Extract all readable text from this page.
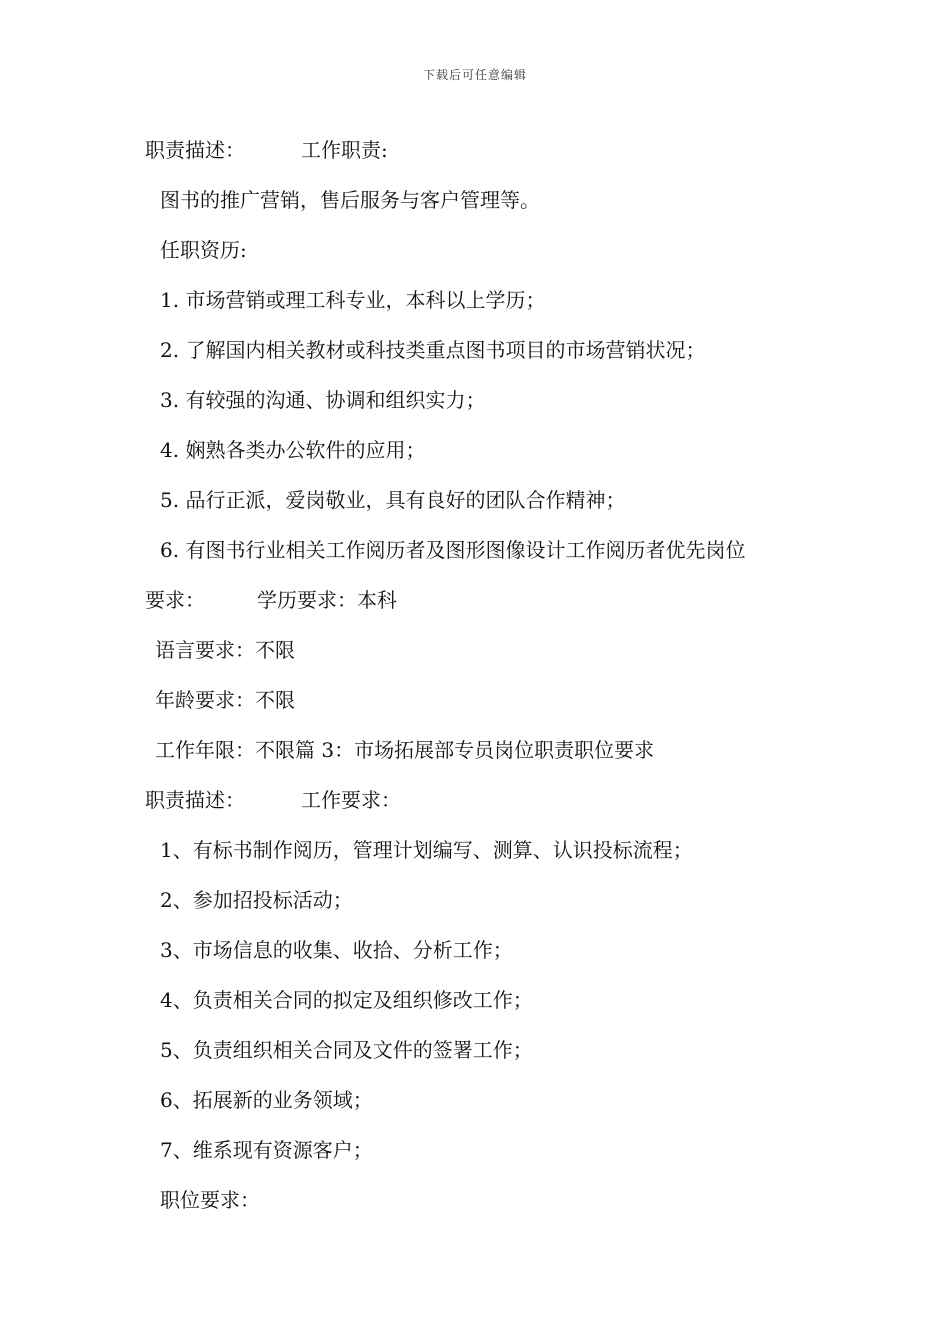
下载后可任意编辑
职责描述：	工作职责:
图书的推广营销，售后服务与客户管理等。
任职资历:
1. 市场营销或理工科专业，本科以上学历；
2. 了解国内相关教材或科技类重点图书项目的市场营销状况；
3. 有较强的沟通、协调和组织实力；
4. 娴熟各类办公软件的应用；
5. 品行正派，爱岗敬业，具有良好的团队合作精神；
6. 有图书行业相关工作阅历者及图形图像设计工作阅历者优先岗位
要求：	学历要求：本科
语言要求：不限
年龄要求：不限
工作年限：不限篇 3：市场拓展部专员岗位职责职位要求
职责描述：	工作要求：
1、有标书制作阅历，管理计划编写、测算、认识投标流程；
2、参加招投标活动；
3、市场信息的收集、收拾、分析工作；
4、负责相关合同的拟定及组织修改工作；
5、负责组织相关合同及文件的签署工作；
6、拓展新的业务领域；
7、维系现有资源客户；
职位要求：
